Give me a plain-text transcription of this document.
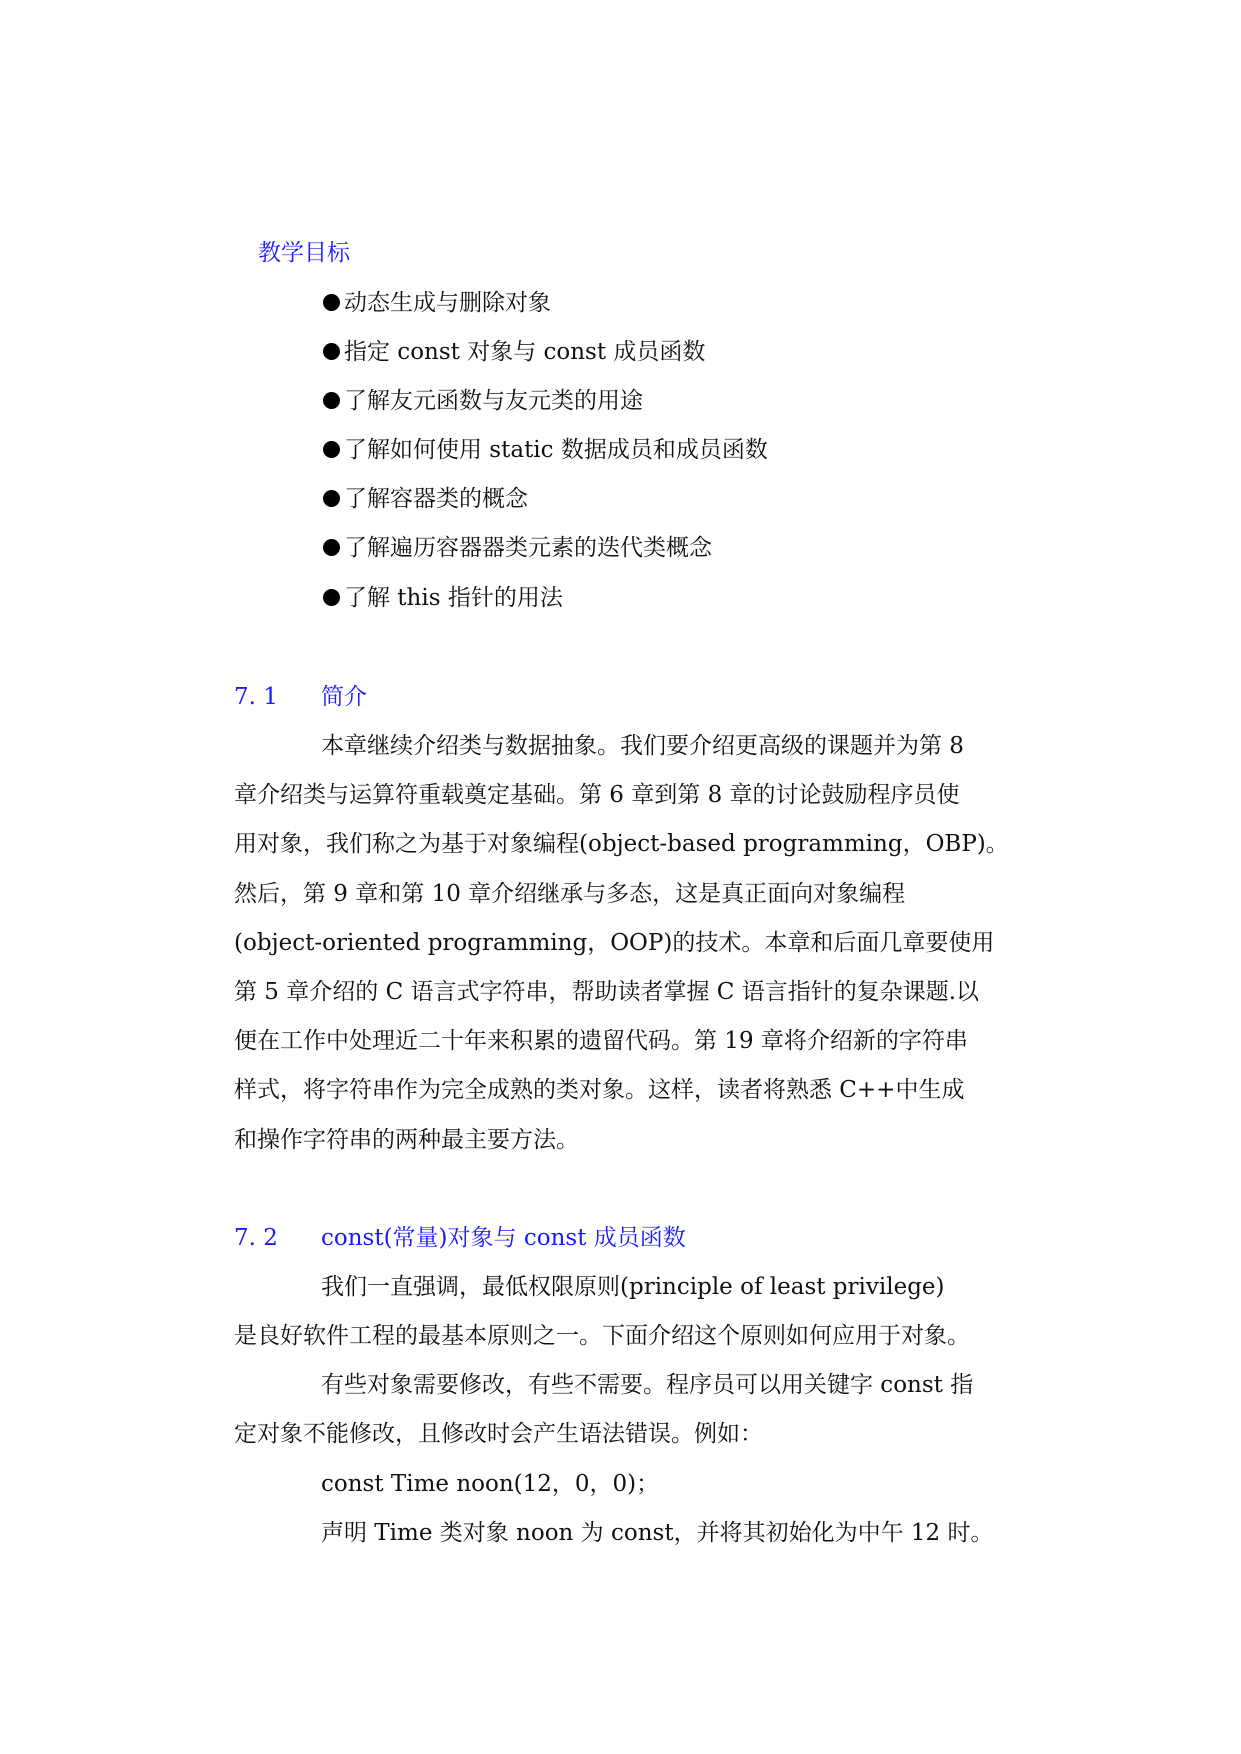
教学目标
动态生成与删除对象
指定 const 对象与 const 成员函数
了解友元函数与友元类的用途
了解如何使用 static 数据成员和成员函数
了解容器类的概念
了解遍历容器器类元素的迭代类概念
了解 this 指针的用法
7. 1 简介
本章继续介绍类与数据抽象。我们要介绍更高级的课题并为第 8
章介绍类与运算符重载奠定基础。第 6 章到第 8 章的讨论鼓励程序员使
用对象，我们称之为基于对象编程(object-based programming，OBP)。
然后，第 9 章和第 10 章介绍继承与多态，这是真正面向对象编程
(object-oriented programming，OOP)的技术。本章和后面几章要使用
第 5 章介绍的 C 语言式字符串，帮助读者掌握 C 语言指针的复杂课题.以
便在工作中处理近二十年来积累的遗留代码。第 19 章将介绍新的字符串
样式，将字符串作为完全成熟的类对象。这样，读者将熟悉 C++中生成
和操作字符串的两种最主要方法。
7. 2 const(常量)对象与 const 成员函数
我们一直强调，最低权限原则(principle of least privilege)
是良好软件工程的最基本原则之一。下面介绍这个原则如何应用于对象。
有些对象需要修改，有些不需要。程序员可以用关键字 const 指
定对象不能修改，且修改时会产生语法错误。例如：
const Time noon(12，0，0)；
声明 Time 类对象 noon 为 const，并将其初始化为中午 12 时。
